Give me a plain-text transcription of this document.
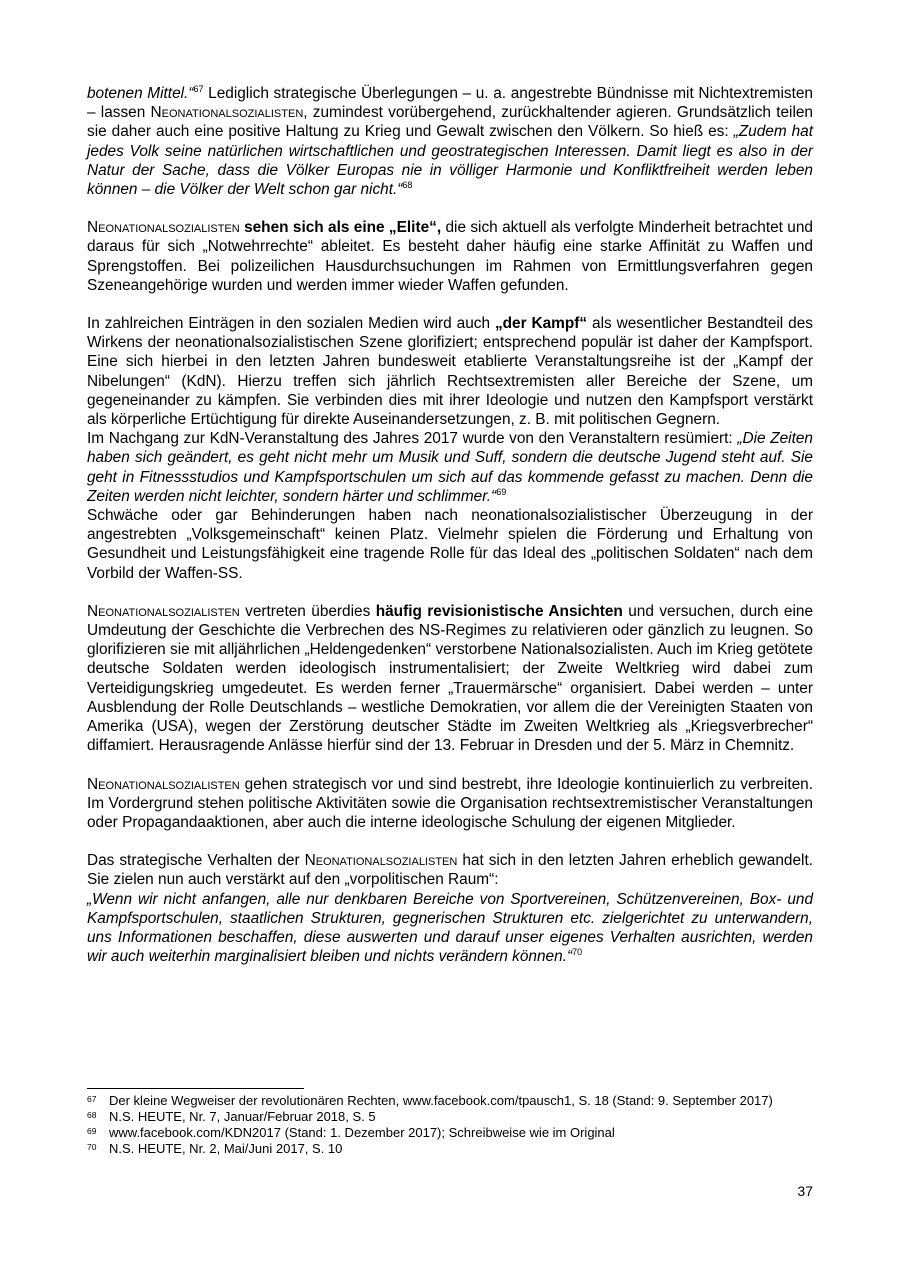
botenen Mittel.“$^{67}$ Lediglich strategische Überlegungen – u. a. angestrebte Bündnisse mit Nichtextremisten – lassen Neonationalsozialisten, zumindest vorübergehend, zurückhaltender agieren. Grundsätzlich teilen sie daher auch eine positive Haltung zu Krieg und Gewalt zwischen den Völkern. So hieß es: „Zudem hat jedes Volk seine natürlichen wirtschaftlichen und geostrategischen Interessen. Damit liegt es also in der Natur der Sache, dass die Völker Europas nie in völliger Harmonie und Konfliktfreiheit werden leben können – die Völker der Welt schon gar nicht.“$^{68}$

Neonationalsozialisten sehen sich als eine „Elite“, die sich aktuell als verfolgte Minderheit betrachtet und daraus für sich „Notwehrrechte“ ableitet. Es besteht daher häufig eine starke Affinität zu Waffen und Sprengstoffen. Bei polizeilichen Hausdurchsuchungen im Rahmen von Ermittlungsverfahren gegen Szeneangehörige wurden und werden immer wieder Waffen gefunden.

In zahlreichen Einträgen in den sozialen Medien wird auch „der Kampf“ als wesentlicher Bestandteil des Wirkens der neonationalsozialistischen Szene glorifiziert; entsprechend populär ist daher der Kampfsport. Eine sich hierbei in den letzten Jahren bundesweit etablierte Veranstaltungsreihe ist der „Kampf der Nibelungen“ (KdN). Hierzu treffen sich jährlich Rechtsextremisten aller Bereiche der Szene, um gegeneinander zu kämpfen. Sie verbinden dies mit ihrer Ideologie und nutzen den Kampfsport verstärkt als körperliche Ertüchtigung für direkte Auseinandersetzungen, z. B. mit politischen Gegnern.

Im Nachgang zur KdN-Veranstaltung des Jahres 2017 wurde von den Veranstaltern resümiert: „Die Zeiten haben sich geändert, es geht nicht mehr um Musik und Suff, sondern die deutsche Jugend steht auf. Sie geht in Fitnessstudios und Kampfsportschulen um sich auf das kommende gefasst zu machen. Denn die Zeiten werden nicht leichter, sondern härter und schlimmer.“$^{69}$

Schwäche oder gar Behinderungen haben nach neonationalsozialistischer Überzeugung in der angestrebten „Volksgemeinschaft“ keinen Platz. Vielmehr spielen die Förderung und Erhaltung von Gesundheit und Leistungsfähigkeit eine tragende Rolle für das Ideal des „politischen Soldaten“ nach dem Vorbild der Waffen-SS.

Neonationalsozialisten vertreten überdies häufig revisionistische Ansichten und versuchen, durch eine Umdeutung der Geschichte die Verbrechen des NS-Regimes zu relativieren oder gänzlich zu leugnen. So glorifizieren sie mit alljährlichen „Heldengedenken“ verstorbene Nationalsozialisten. Auch im Krieg getötete deutsche Soldaten werden ideologisch instrumentalisiert; der Zweite Weltkrieg wird dabei zum Verteidigungskrieg umgedeutet. Es werden ferner „Trauermärsche“ organisiert. Dabei werden – unter Ausblendung der Rolle Deutschlands – westliche Demokratien, vor allem die der Vereinigten Staaten von Amerika (USA), wegen der Zerstörung deutscher Städte im Zweiten Weltkrieg als „Kriegsverbrecher“ diffamiert. Herausragende Anlässe hierfür sind der 13. Februar in Dresden und der 5. März in Chemnitz.

Neonationalsozialisten gehen strategisch vor und sind bestrebt, ihre Ideologie kontinuierlich zu verbreiten. Im Vordergrund stehen politische Aktivitäten sowie die Organisation rechtsextremistischer Veranstaltungen oder Propagandaaktionen, aber auch die interne ideologische Schulung der eigenen Mitglieder.

Das strategische Verhalten der Neonationalsozialisten hat sich in den letzten Jahren erheblich gewandelt. Sie zielen nun auch verstärkt auf den „vorpolitischen Raum“:

„Wenn wir nicht anfangen, alle nur denkbaren Bereiche von Sportvereinen, Schützenvereinen, Box- und Kampfsportschulen, staatlichen Strukturen, gegnerischen Strukturen etc. zielgerichtet zu unterwandern, uns Informationen beschaffen, diese auswerten und darauf unser eigenes Verhalten ausrichten, werden wir auch weiterhin marginalisiert bleiben und nichts verändern können.“$^{70}$

67 Der kleine Wegweiser der revolutionären Rechten, www.facebook.com/tpausch1, S. 18 (Stand: 9. September 2017)
68 N.S. HEUTE, Nr. 7, Januar/Februar 2018, S. 5
69 www.facebook.com/KDN2017 (Stand: 1. Dezember 2017); Schreibweise wie im Original
70 N.S. HEUTE, Nr. 2, Mai/Juni 2017, S. 10
37
